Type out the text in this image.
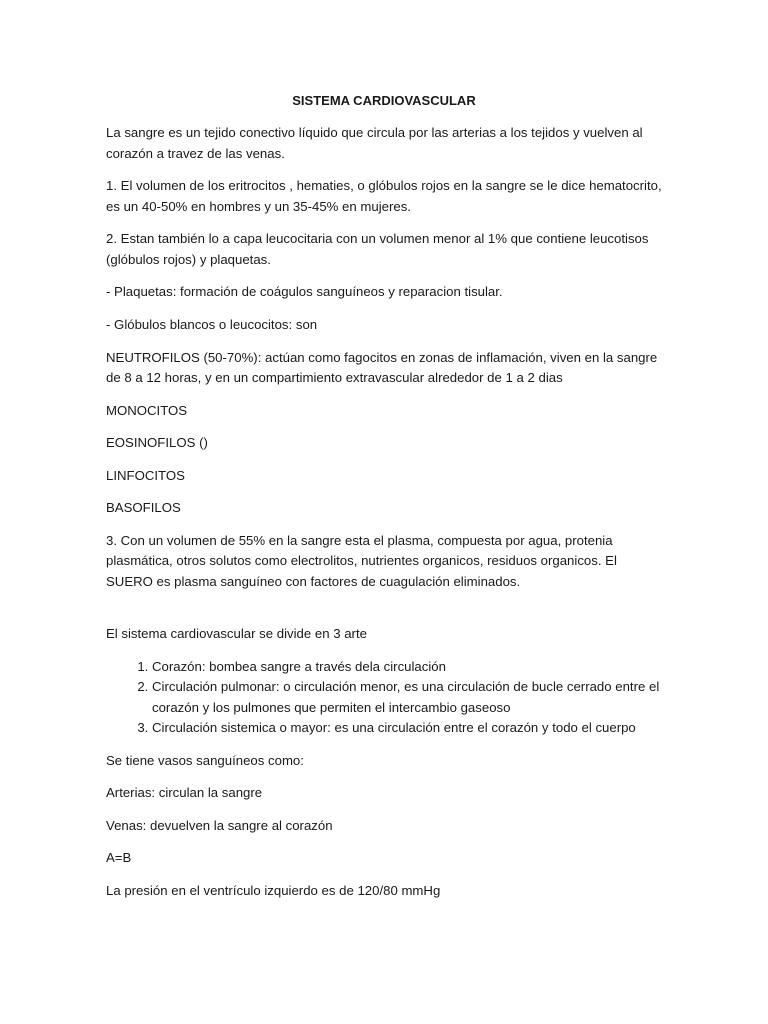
SISTEMA CARDIOVASCULAR

La sangre es un tejido conectivo líquido que circula por las arterias a los tejidos y vuelven al corazón a travez de las venas.

1. El volumen de los eritrocitos , hematies, o glóbulos rojos en la sangre se le dice hematocrito, es un 40-50% en hombres y un 35-45% en mujeres.

2. Estan también lo a capa leucocitaria con un volumen menor al 1% que contiene leucotisos (glóbulos rojos) y plaquetas.

- Plaquetas: formación de coágulos sanguíneos y reparacion tisular.

- Glóbulos blancos o leucocitos: son

NEUTROFILOS (50-70%): actúan como fagocitos en zonas de inflamación, viven en la sangre de 8 a 12 horas, y en un compartimiento extravascular alrededor de 1 a 2 dias

MONOCITOS

EOSINOFILOS ()

LINFOCITOS

BASOFILOS

3. Con un volumen de 55% en la sangre esta el plasma, compuesta por agua, protenia plasmática, otros solutos como electrolitos, nutrientes organicos, residuos organicos. El SUERO es plasma sanguíneo con factores de cuagulación eliminados.

El sistema cardiovascular se divide en 3 arte

1. Corazón: bombea sangre a través dela circulación
2. Circulación pulmonar: o circulación menor, es una circulación de bucle cerrado entre el corazón y los pulmones que permiten el intercambio gaseoso
3. Circulación sistemica o mayor: es una circulación entre el corazón y todo el cuerpo

Se tiene vasos sanguíneos como:

Arterias: circulan la sangre

Venas: devuelven la sangre al corazón

A=B

La presión en el ventrículo izquierdo es de 120/80 mmHg
